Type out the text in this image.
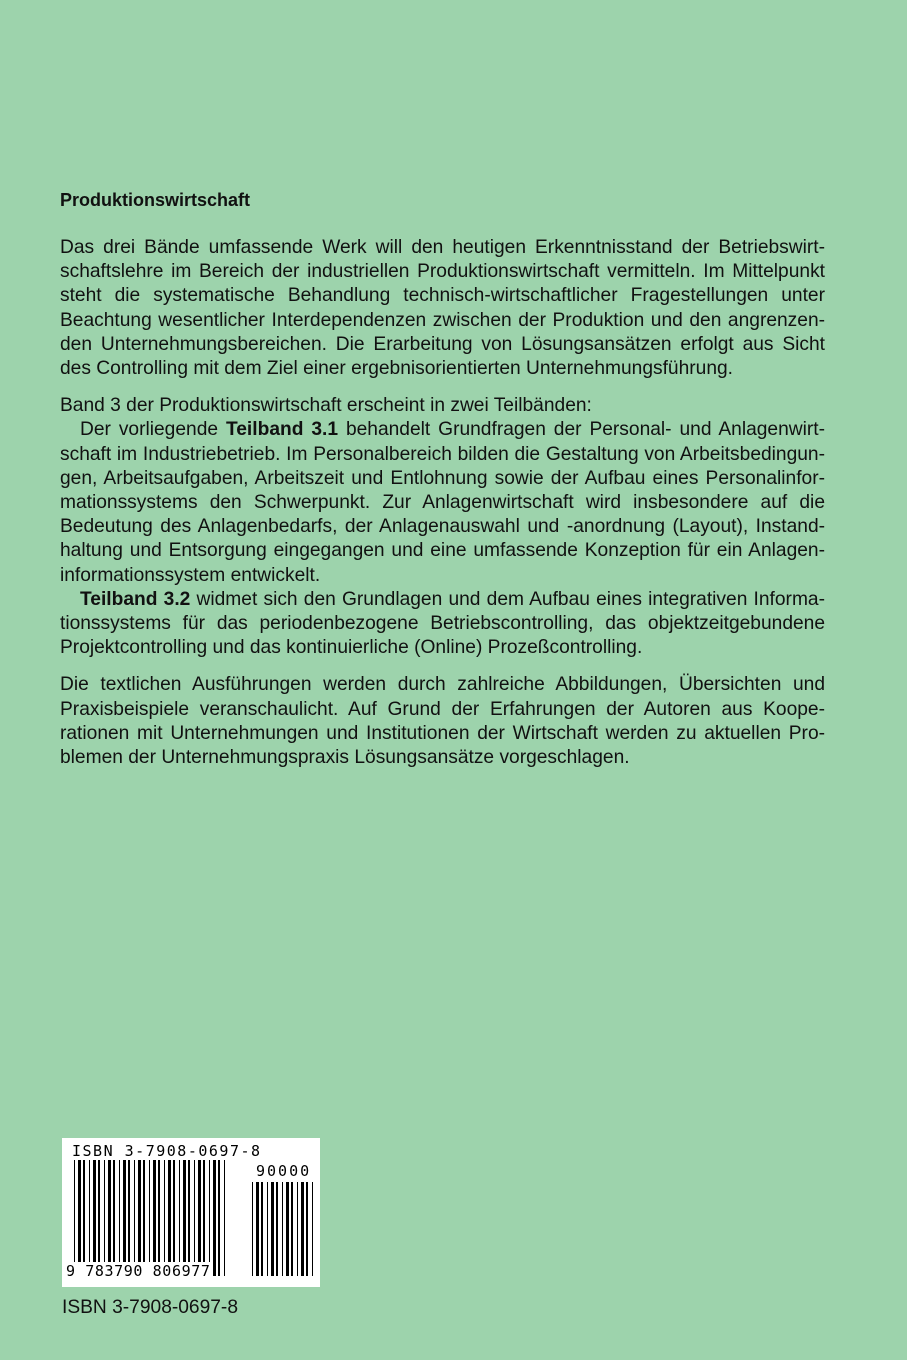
Produktionswirtschaft

Das drei Bände umfassende Werk will den heutigen Erkenntnisstand der Betriebswirtschaftslehre im Bereich der industriellen Produktionswirtschaft vermitteln. Im Mittelpunkt steht die systematische Behandlung technisch-wirtschaftlicher Fragestellungen unter Beachtung wesentlicher Interdependenzen zwischen der Produktion und den angrenzenden Unternehmungsbereichen. Die Erarbeitung von Lösungsansätzen erfolgt aus Sicht des Controlling mit dem Ziel einer ergebnisorientierten Unternehmungsführung.

Band 3 der Produktionswirtschaft erscheint in zwei Teilbänden:

Der vorliegende Teilband 3.1 behandelt Grundfragen der Personal- und Anlagenwirtschaft im Industriebetrieb. Im Personalbereich bilden die Gestaltung von Arbeitsbedingungen, Arbeitsaufgaben, Arbeitszeit und Entlohnung sowie der Aufbau eines Personalinformationssystems den Schwerpunkt. Zur Anlagenwirtschaft wird insbesondere auf die Bedeutung des Anlagenbedarfs, der Anlagenauswahl und -anordnung (Layout), Instandhaltung und Entsorgung eingegangen und eine umfassende Konzeption für ein Anlageninformationssystem entwickelt.

Teilband 3.2 widmet sich den Grundlagen und dem Aufbau eines integrativen Informationssystems für das periodenbezogene Betriebscontrolling, das objektzeitgebundene Projektcontrolling und das kontinuierliche (Online) Prozeßcontrolling.

Die textlichen Ausführungen werden durch zahlreiche Abbildungen, Übersichten und Praxisbeispiele veranschaulicht. Auf Grund der Erfahrungen der Autoren aus Kooperationen mit Unternehmungen und Institutionen der Wirtschaft werden zu aktuellen Problemen der Unternehmungspraxis Lösungsansätze vorgeschlagen.

ISBN 3-7908-0697-8
90000
9 783790 806977
ISBN 3-7908-0697-8
